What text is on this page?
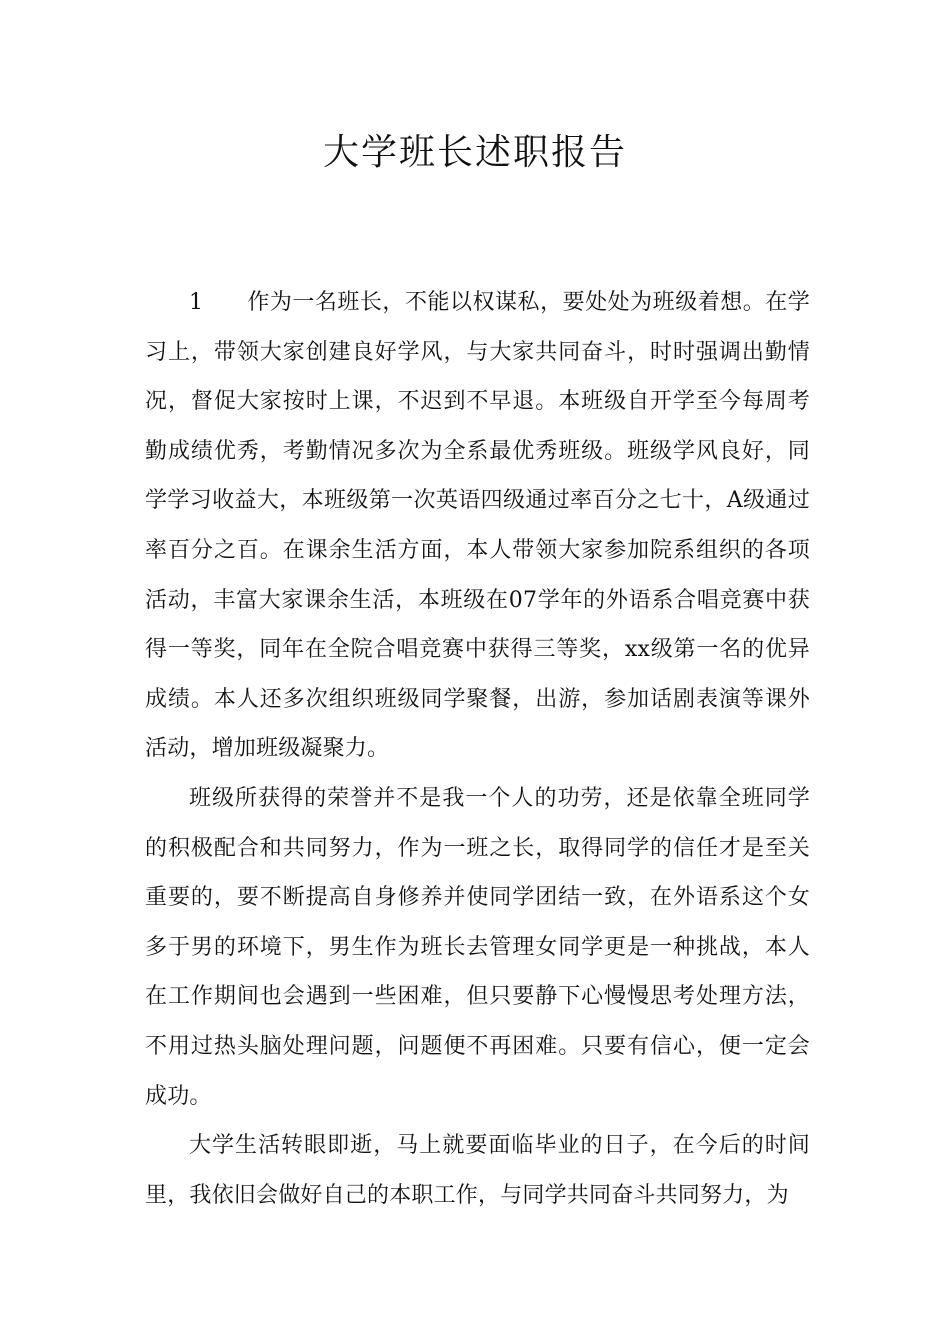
大学班长述职报告

1 作为一名班长，不能以权谋私，要处处为班级着想。在学习上，带领大家创建良好学风，与大家共同奋斗，时时强调出勤情况，督促大家按时上课，不迟到不早退。本班级自开学至今每周考勤成绩优秀，考勤情况多次为全系最优秀班级。班级学风良好，同学学习收益大，本班级第一次英语四级通过率百分之七十，A级通过率百分之百。在课余生活方面，本人带领大家参加院系组织的各项活动，丰富大家课余生活，本班级在07学年的外语系合唱竞赛中获得一等奖，同年在全院合唱竞赛中获得三等奖，xx级第一名的优异成绩。本人还多次组织班级同学聚餐，出游，参加话剧表演等课外活动，增加班级凝聚力。

班级所获得的荣誉并不是我一个人的功劳，还是依靠全班同学的积极配合和共同努力，作为一班之长，取得同学的信任才是至关重要的，要不断提高自身修养并使同学团结一致，在外语系这个女多于男的环境下，男生作为班长去管理女同学更是一种挑战，本人在工作期间也会遇到一些困难，但只要静下心慢慢思考处理方法，不用过热头脑处理问题，问题便不再困难。只要有信心，便一定会成功。

大学生活转眼即逝，马上就要面临毕业的日子，在今后的时间里，我依旧会做好自己的本职工作，与同学共同奋斗共同努力，为
